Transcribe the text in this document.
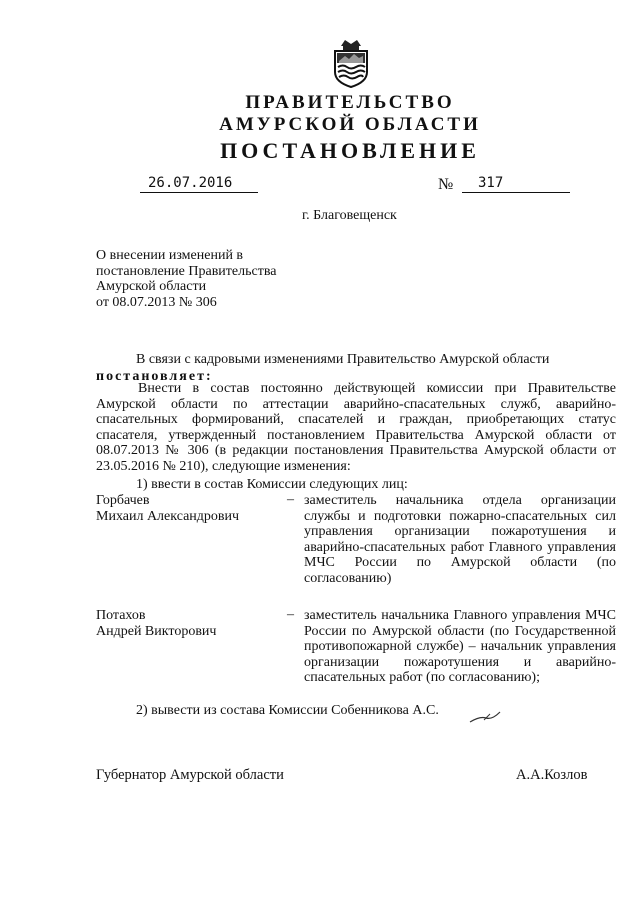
ПРАВИТЕЛЬСТВО
АМУРСКОЙ ОБЛАСТИ
ПОСТАНОВЛЕНИЕ
26.07.2016	№ 317
г. Благовещенск
О внесении изменений в
постановление Правительства
Амурской области
от 08.07.2013 № 306
В связи с кадровыми изменениями Правительство Амурской области
постановляет:
Внести в состав постоянно действующей комиссии при Правительстве Амурской области по аттестации аварийно-спасательных служб, аварийно-спасательных формирований, спасателей и граждан, приобретающих статус спасателя, утвержденный постановлением Правительства Амурской области от 08.07.2013 № 306 (в редакции постановления Правительства Амурской области от 23.05.2016 № 210), следующие изменения:
1) ввести в состав Комиссии следующих лиц:
Горбачев
Михаил Александрович
– заместитель начальника отдела организации службы и подготовки пожарно-спасательных сил управления организации пожаротушения и аварийно-спасательных работ Главного управления МЧС России по Амурской области (по согласованию)
Потахов
Андрей Викторович
– заместитель начальника Главного управления МЧС России по Амурской области (по Государственной противопожарной службе) – начальник управления организации пожаротушения и аварийно-спасательных работ (по согласованию);
2) вывести из состава Комиссии Собенникова А.С.
Губернатор Амурской области	А.А.Козлов
